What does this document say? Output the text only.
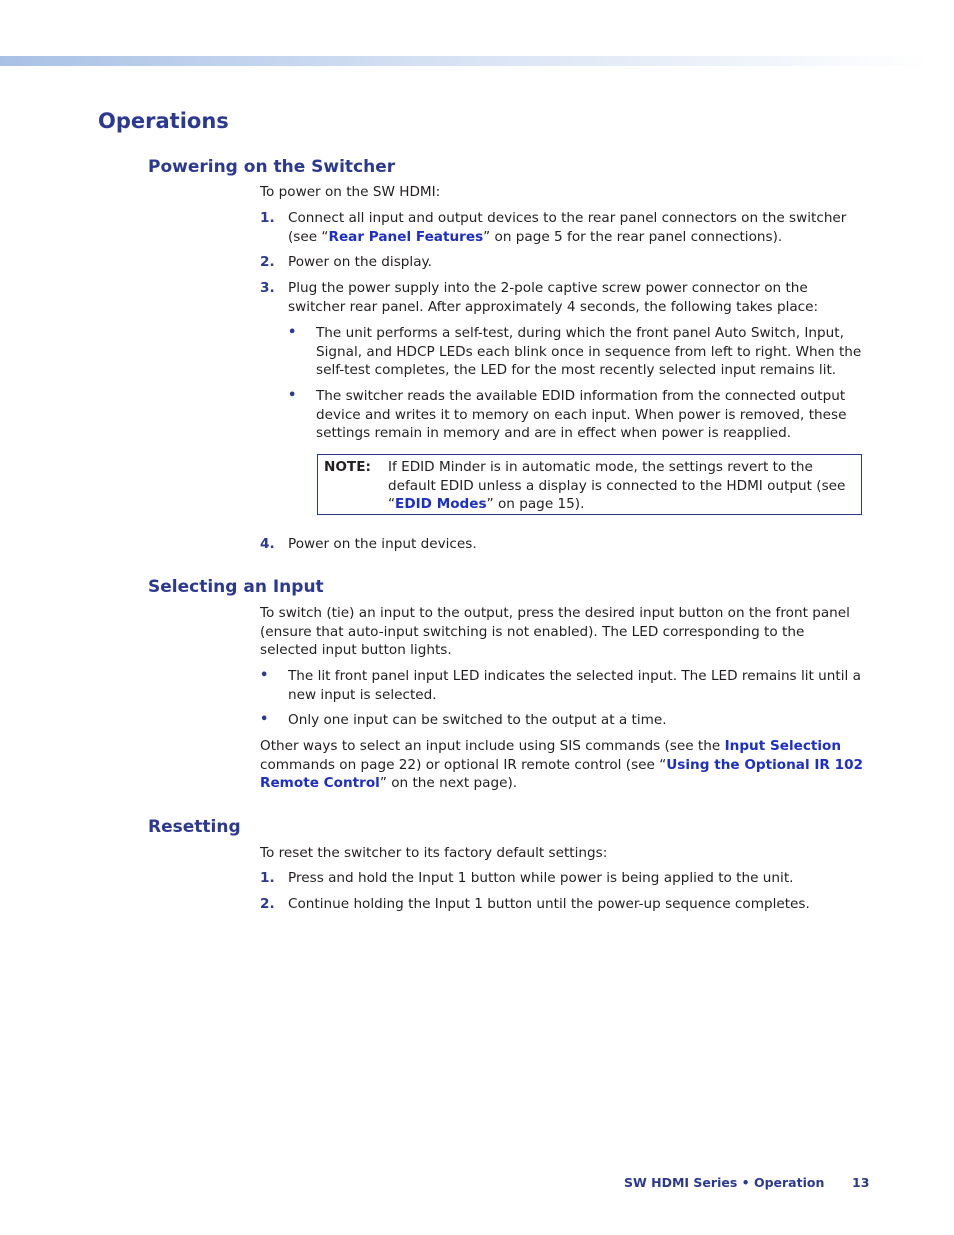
Operations
Powering on the Switcher

To power on the SW HDMI:

1. Connect all input and output devices to the rear panel connectors on the switcher (see “Rear Panel Features” on page 5 for the rear panel connections).
2. Power on the display.
3. Plug the power supply into the 2-pole captive screw power connector on the switcher rear panel. After approximately 4 seconds, the following takes place:
• The unit performs a self-test, during which the front panel Auto Switch, Input, Signal, and HDCP LEDs each blink once in sequence from left to right. When the self-test completes, the LED for the most recently selected input remains lit.
• The switcher reads the available EDID information from the connected output device and writes it to memory on each input. When power is removed, these settings remain in memory and are in effect when power is reapplied.
NOTE: If EDID Minder is in automatic mode, the settings revert to the default EDID unless a display is connected to the HDMI output (see “EDID Modes” on page 15).
4. Power on the input devices.
Selecting an Input

To switch (tie) an input to the output, press the desired input button on the front panel (ensure that auto-input switching is not enabled). The LED corresponding to the selected input button lights.

• The lit front panel input LED indicates the selected input. The LED remains lit until a new input is selected.
• Only one input can be switched to the output at a time.

Other ways to select an input include using SIS commands (see the Input Selection commands on page 22) or optional IR remote control (see “Using the Optional IR 102 Remote Control” on the next page).

Resetting

To reset the switcher to its factory default settings:

1. Press and hold the Input 1 button while power is being applied to the unit.
2. Continue holding the Input 1 button until the power-up sequence completes.
SW HDMI Series • Operation 13
